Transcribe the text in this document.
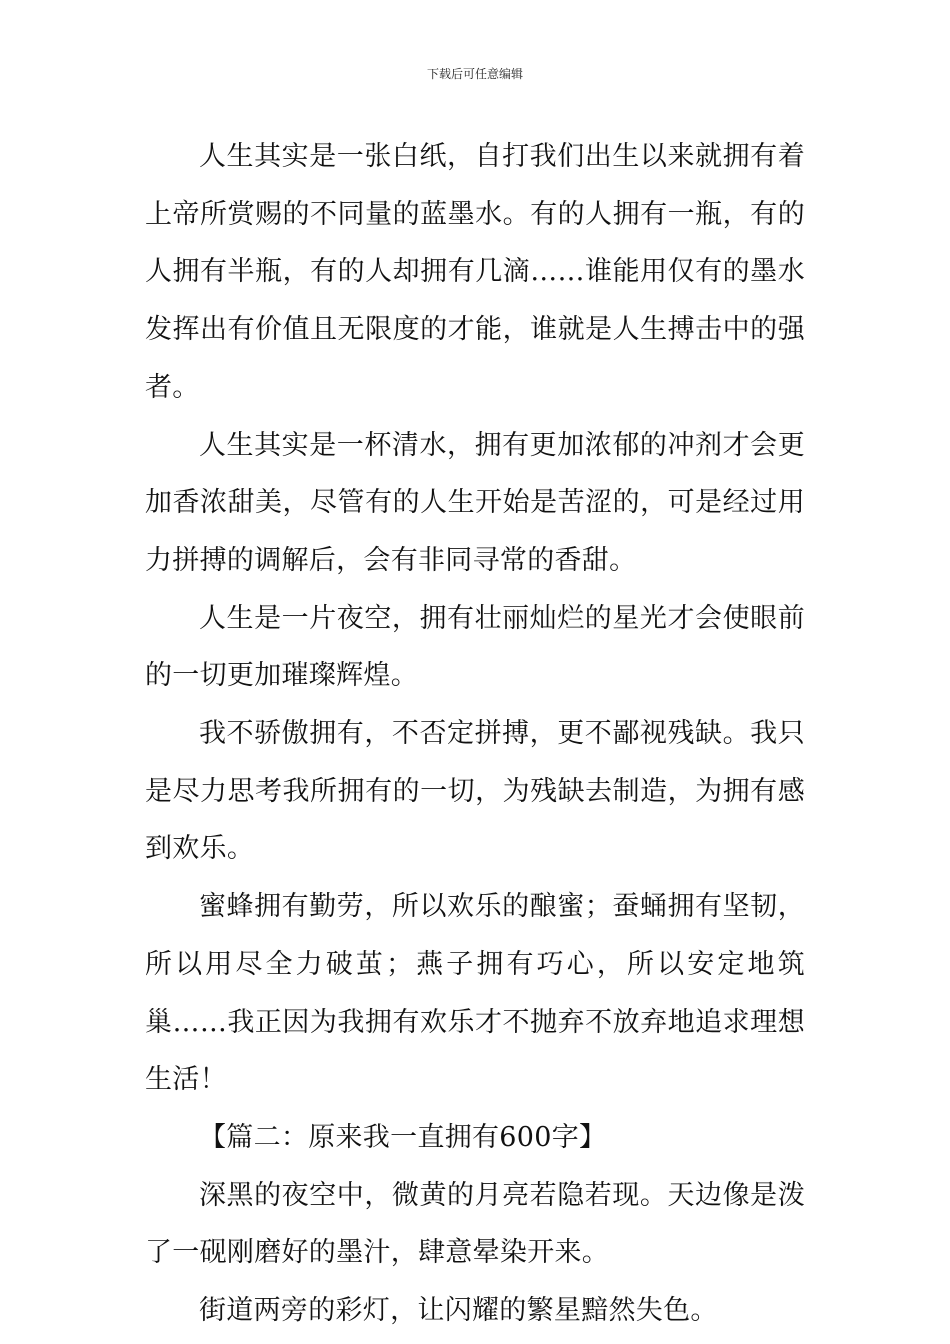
下载后可任意编辑

人生其实是一张白纸，自打我们出生以来就拥有着上帝所赏赐的不同量的蓝墨水。有的人拥有一瓶，有的人拥有半瓶，有的人却拥有几滴……谁能用仅有的墨水发挥出有价值且无限度的才能，谁就是人生搏击中的强者。

人生其实是一杯清水，拥有更加浓郁的冲剂才会更加香浓甜美，尽管有的人生开始是苦涩的，可是经过用力拼搏的调解后，会有非同寻常的香甜。

人生是一片夜空，拥有壮丽灿烂的星光才会使眼前的一切更加璀璨辉煌。

我不骄傲拥有，不否定拼搏，更不鄙视残缺。我只是尽力思考我所拥有的一切，为残缺去制造，为拥有感到欢乐。

蜜蜂拥有勤劳，所以欢乐的酿蜜；蚕蛹拥有坚韧，所以用尽全力破茧；燕子拥有巧心，所以安定地筑巢……我正因为我拥有欢乐才不抛弃不放弃地追求理想生活！

【篇二：原来我一直拥有600字】

深黑的夜空中，微黄的月亮若隐若现。天边像是泼了一砚刚磨好的墨汁，肆意晕染开来。

街道两旁的彩灯，让闪耀的繁星黯然失色。
